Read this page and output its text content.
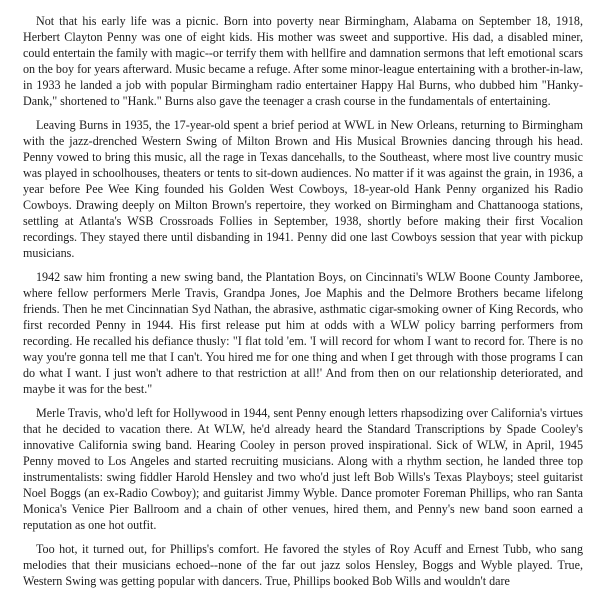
Not that his early life was a picnic. Born into poverty near Birmingham, Alabama on September 18, 1918, Herbert Clayton Penny was one of eight kids. His mother was sweet and supportive. His dad, a disabled miner, could entertain the family with magic--or terrify them with hellfire and damnation sermons that left emotional scars on the boy for years afterward. Music became a refuge. After some minor-league entertaining with a brother-in-law, in 1933 he landed a job with popular Birmingham radio entertainer Happy Hal Burns, who dubbed him "Hanky-Dank," shortened to "Hank." Burns also gave the teenager a crash course in the fundamentals of entertaining.

Leaving Burns in 1935, the 17-year-old spent a brief period at WWL in New Orleans, returning to Birmingham with the jazz-drenched Western Swing of Milton Brown and His Musical Brownies dancing through his head. Penny vowed to bring this music, all the rage in Texas dancehalls, to the Southeast, where most live country music was played in schoolhouses, theaters or tents to sit-down audiences. No matter if it was against the grain, in 1936, a year before Pee Wee King founded his Golden West Cowboys, 18-year-old Hank Penny organized his Radio Cowboys. Drawing deeply on Milton Brown's repertoire, they worked on Birmingham and Chattanooga stations, settling at Atlanta's WSB Crossroads Follies in September, 1938, shortly before making their first Vocalion recordings. They stayed there until disbanding in 1941. Penny did one last Cowboys session that year with pickup musicians.

1942 saw him fronting a new swing band, the Plantation Boys, on Cincinnati's WLW Boone County Jamboree, where fellow performers Merle Travis, Grandpa Jones, Joe Maphis and the Delmore Brothers became lifelong friends. Then he met Cincinnatian Syd Nathan, the abrasive, asthmatic cigar-smoking owner of King Records, who first recorded Penny in 1944. His first release put him at odds with a WLW policy barring performers from recording. He recalled his defiance thusly: "I flat told 'em. 'I will record for whom I want to record for. There is no way you're gonna tell me that I can't. You hired me for one thing and when I get through with those programs I can do what I want. I just won't adhere to that restriction at all!' And from then on our relationship deteriorated, and maybe it was for the best."

Merle Travis, who'd left for Hollywood in 1944, sent Penny enough letters rhapsodizing over California's virtues that he decided to vacation there. At WLW, he'd already heard the Standard Transcriptions by Spade Cooley's innovative California swing band. Hearing Cooley in person proved inspirational. Sick of WLW, in April, 1945 Penny moved to Los Angeles and started recruiting musicians. Along with a rhythm section, he landed three top instrumentalists: swing fiddler Harold Hensley and two who'd just left Bob Wills's Texas Playboys; steel guitarist Noel Boggs (an ex-Radio Cowboy); and guitarist Jimmy Wyble. Dance promoter Foreman Phillips, who ran Santa Monica's Venice Pier Ballroom and a chain of other venues, hired them, and Penny's new band soon earned a reputation as one hot outfit.

Too hot, it turned out, for Phillips's comfort. He favored the styles of Roy Acuff and Ernest Tubb, who sang melodies that their musicians echoed--none of the far out jazz solos Hensley, Boggs and Wyble played. True, Western Swing was getting popular with dancers. True, Phillips booked Bob Wills and wouldn't dare
